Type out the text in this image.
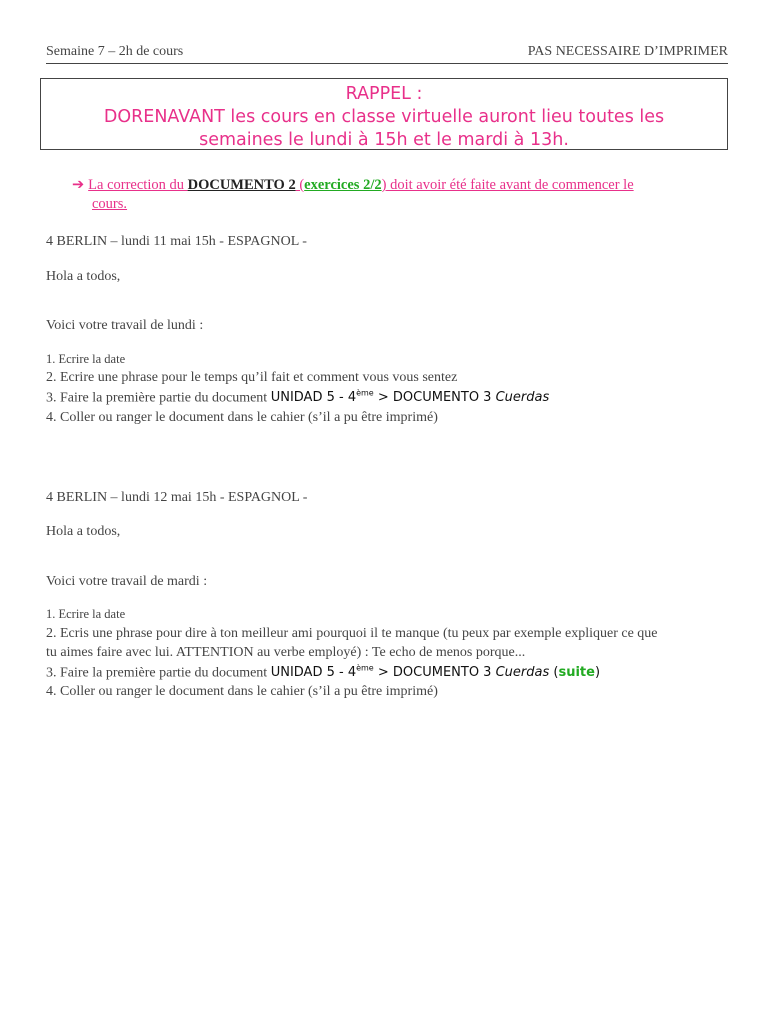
Semaine 7 – 2h de cours	PAS NECESSAIRE D’IMPRIMER
RAPPEL :
DORENAVANT les cours en classe virtuelle auront lieu toutes les
semaines le lundi à 15h et le mardi à 13h.
➔ La correction du DOCUMENTO 2 (exercices 2/2) doit avoir été faite avant de commencer le
cours.
4 BERLIN – lundi 11 mai 15h - ESPAGNOL -
Hola a todos,
Voici votre travail de lundi :
1. Ecrire la date
2. Ecrire une phrase pour le temps qu’il fait et comment vous vous sentez
3. Faire la première partie du document UNIDAD 5 - 4ème > DOCUMENTO 3 Cuerdas
4. Coller ou ranger le document dans le cahier (s’il a pu être imprimé)
4 BERLIN – lundi 12 mai 15h - ESPAGNOL -
Hola a todos,
Voici votre travail de mardi :
1. Ecrire la date
2. Ecris une phrase pour dire à ton meilleur ami pourquoi il te manque (tu peux par exemple expliquer ce que
tu aimes faire avec lui. ATTENTION au verbe employé) : Te echo de menos porque...
3. Faire la première partie du document UNIDAD 5 - 4ème > DOCUMENTO 3 Cuerdas (suite)
4. Coller ou ranger le document dans le cahier (s’il a pu être imprimé)
